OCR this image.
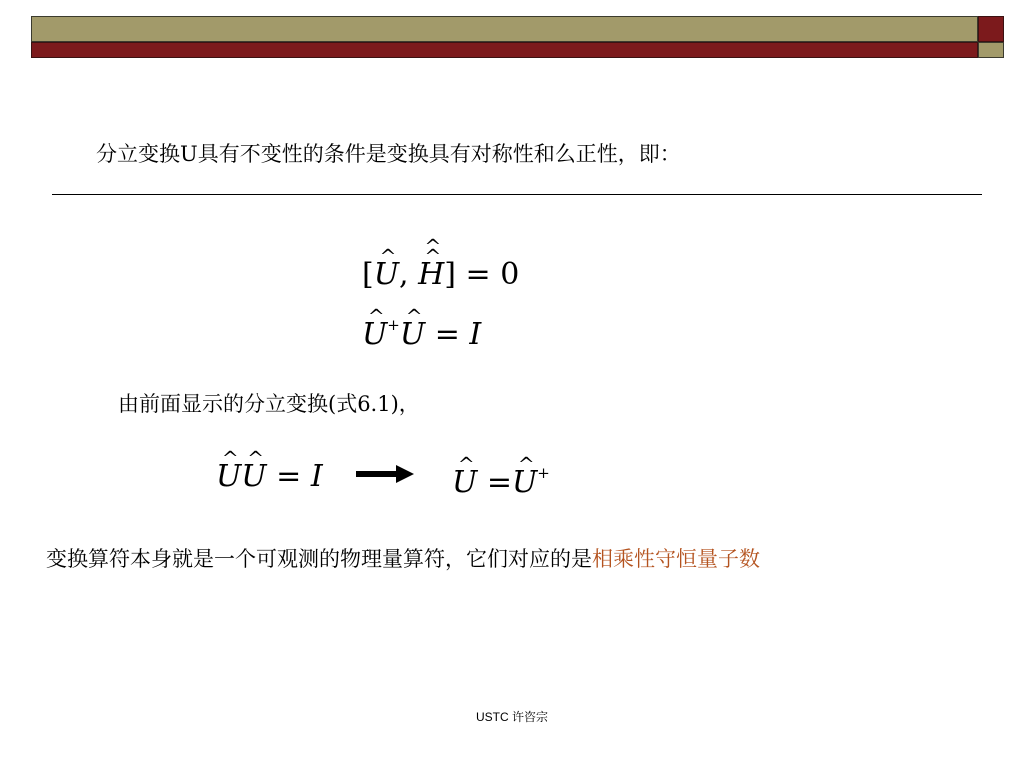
分立变换U具有不变性的条件是变换具有对称性和么正性，即：
[^ U, ^ H ^] = 0
^ U+^ U = I
由前面显示的分立变换(式6.1)，
^ U^ U = I	^ U =^ U+
变换算符本身就是一个可观测的物理量算符，它们对应的是相乘性守恒量子数
USTC 许咨宗
